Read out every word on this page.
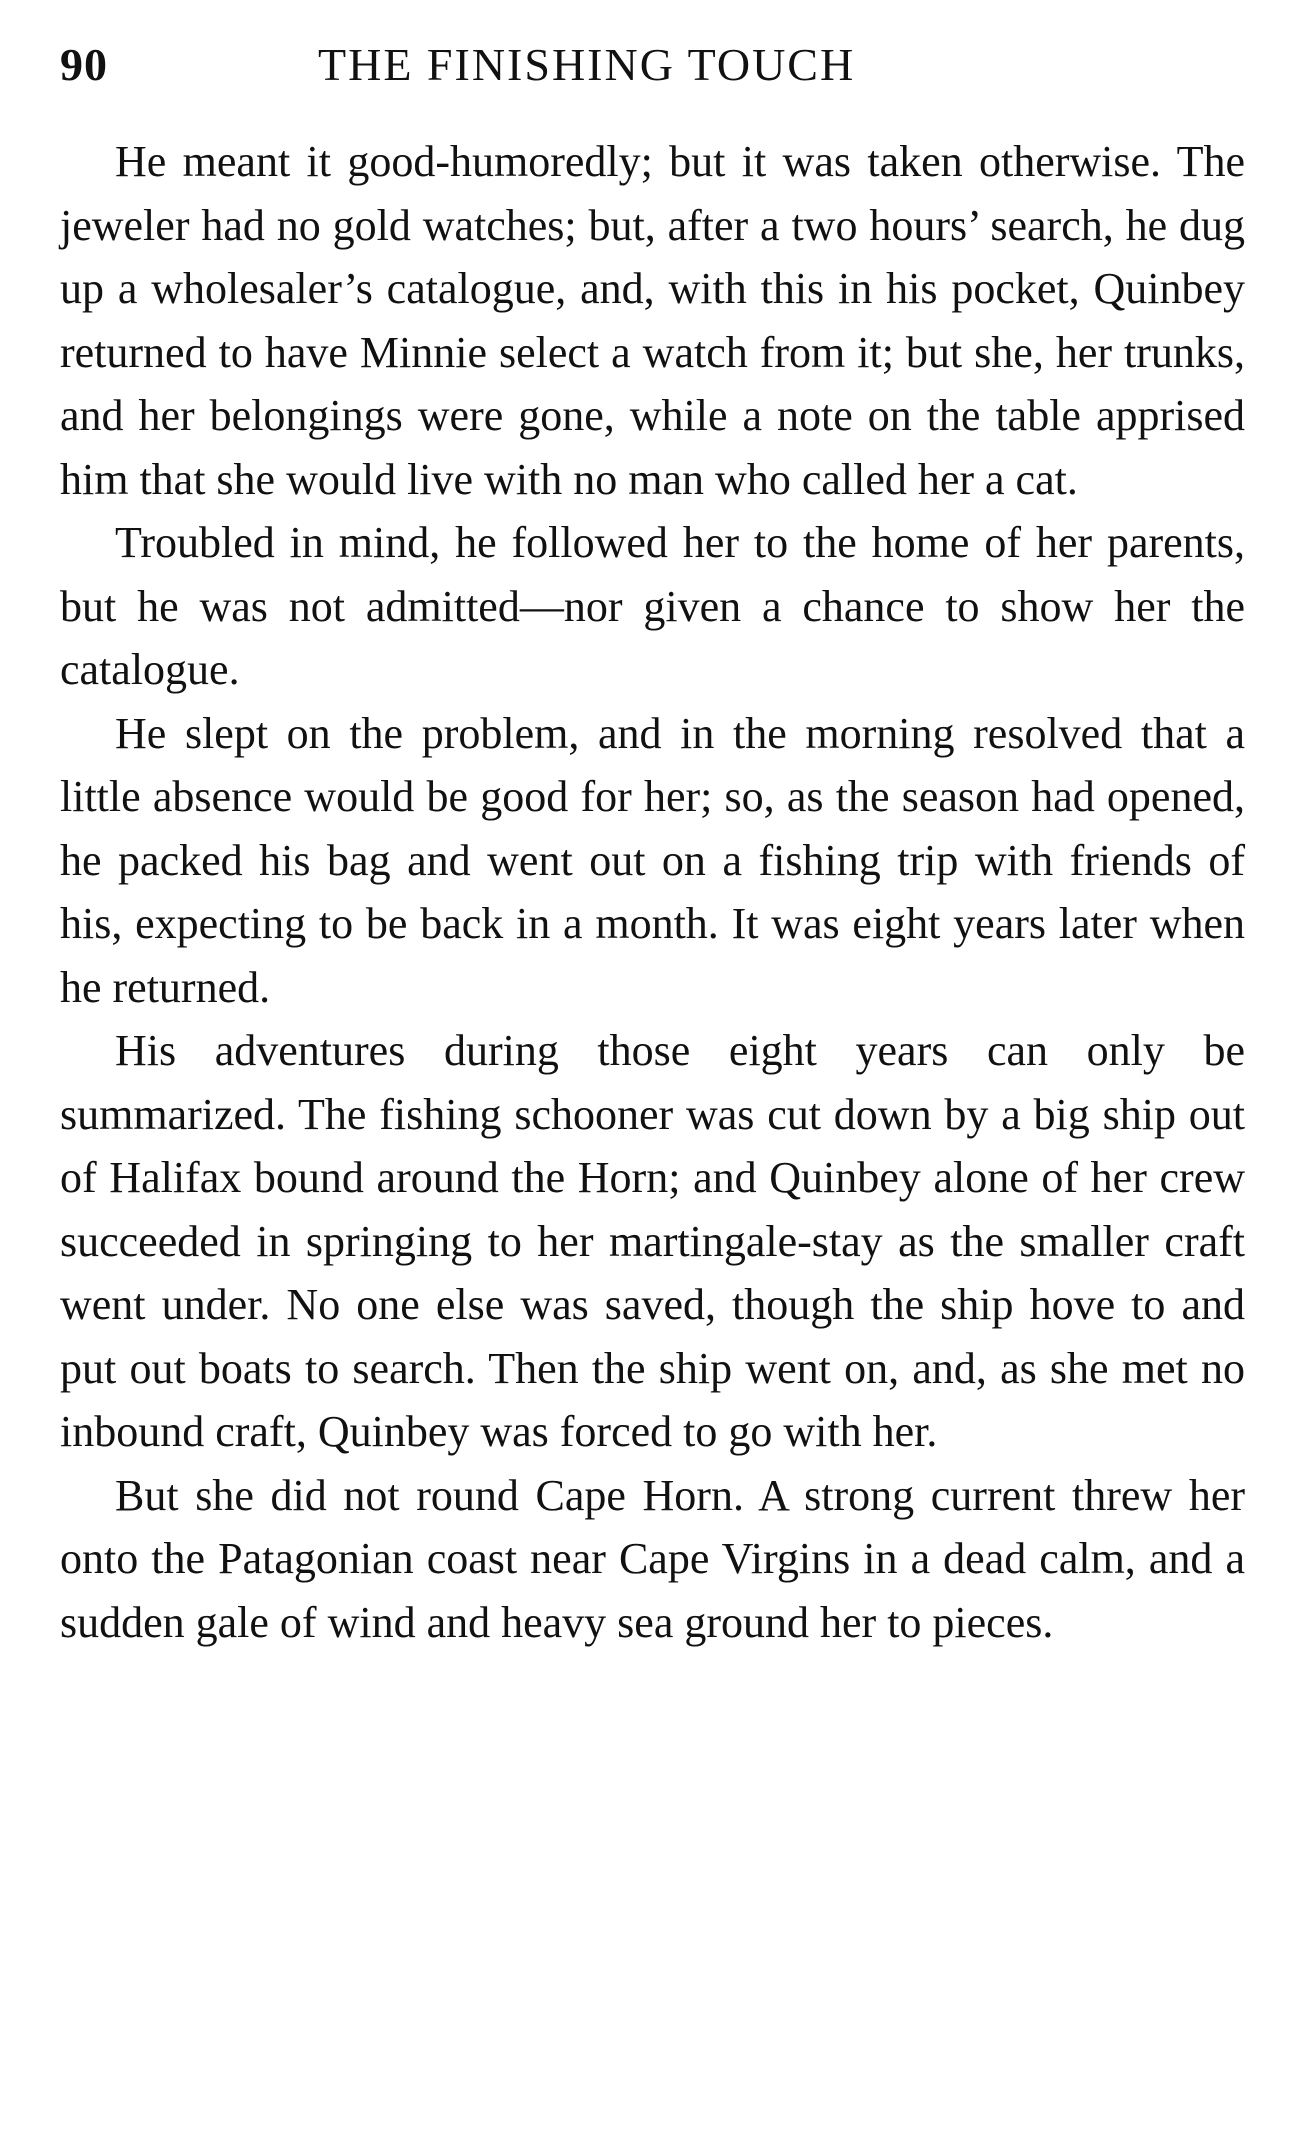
90	THE FINISHING TOUCH

He meant it good-humoredly; but it was taken otherwise. The jeweler had no gold watches; but, after a two hours’ search, he dug up a wholesaler’s catalogue, and, with this in his pocket, Quinbey returned to have Minnie select a watch from it; but she, her trunks, and her belongings were gone, while a note on the table apprised him that she would live with no man who called her a cat.

Troubled in mind, he followed her to the home of her parents, but he was not admitted—nor given a chance to show her the catalogue.

He slept on the problem, and in the morning resolved that a little absence would be good for her; so, as the season had opened, he packed his bag and went out on a fishing trip with friends of his, expecting to be back in a month. It was eight years later when he returned.

His adventures during those eight years can only be summarized. The fishing schooner was cut down by a big ship out of Halifax bound around the Horn; and Quinbey alone of her crew succeeded in springing to her martingale-stay as the smaller craft went under. No one else was saved, though the ship hove to and put out boats to search. Then the ship went on, and, as she met no inbound craft, Quinbey was forced to go with her.

But she did not round Cape Horn. A strong current threw her onto the Patagonian coast near Cape Virgins in a dead calm, and a sudden gale of wind and heavy sea ground her to pieces.
